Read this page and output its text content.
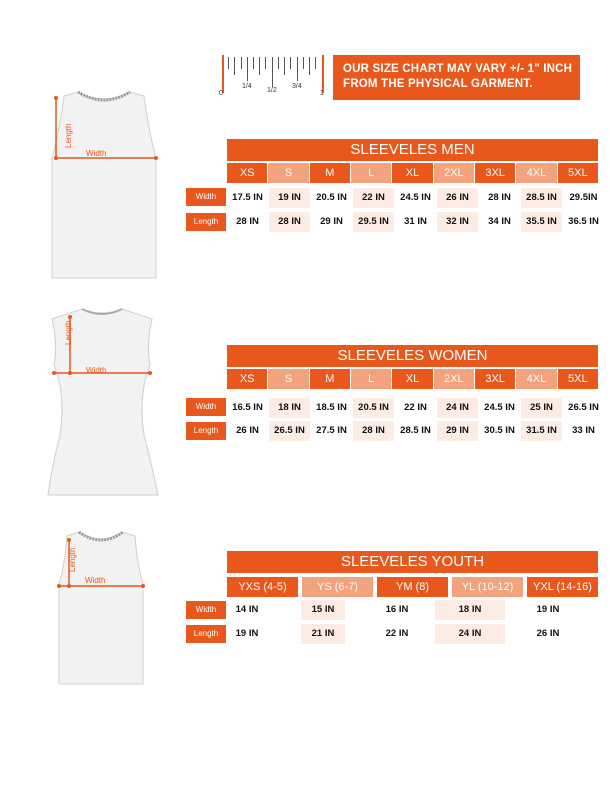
0
1/4
1/2
3/4
1
OUR SIZE CHART MAY VARY +/- 1" INCH
FROM THE PHYSICAL GARMENT.
Length
Width
Length
Width
Length
Width
SLEEVELES MEN
XS	S	M	L	XL	2XL	3XL	4XL	5XL
Width
Length
17.5 IN	19 IN	20.5 IN	22 IN	24.5 IN	26 IN	28 IN	28.5 IN	29.5IN
28 IN	28 IN	29 IN	29.5 IN	31 IN	32 IN	34 IN	35.5 IN	36.5 IN
SLEEVELES WOMEN
XS	S	M	L	XL	2XL	3XL	4XL	5XL
Width
Length
16.5 IN	18 IN	18.5 IN	20.5 IN	22 IN	24 IN	24.5 IN	25 IN	26.5 IN
26 IN	26.5 IN	27.5 IN	28 IN	28.5 IN	29 IN	30.5 IN	31.5 IN	33 IN
SLEEVELES YOUTH
YXS (4-5)	YS (6-7)	YM (8)	YL (10-12)	YXL (14-16)
Width
Length
14 IN	15 IN	16 IN	18 IN	19 IN
19 IN	21 IN	22 IN	24 IN	26 IN
